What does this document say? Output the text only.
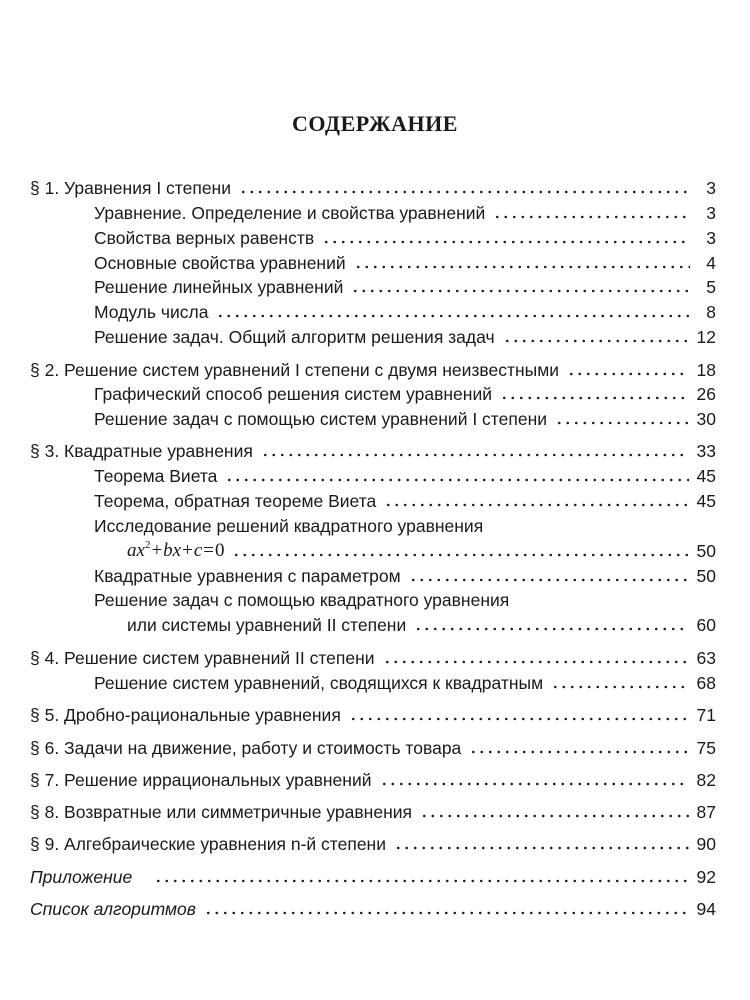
СОДЕРЖАНИЕ
§ 1. Уравнения I степени	3
Уравнение. Определение и свойства уравнений	3
Свойства верных равенств	3
Основные свойства уравнений	4
Решение линейных уравнений	5
Модуль числа	8
Решение задач. Общий алгоритм решения задач	12
§ 2. Решение систем уравнений I степени с двумя неизвестными	18
Графический способ решения систем уравнений	26
Решение задач с помощью систем уравнений I степени	30
§ 3. Квадратные уравнения	33
Теорема Виета	45
Теорема, обратная теореме Виета	45
Исследование решений квадратного уравнения
$ax^2+bx+c=0$	50
Квадратные уравнения с параметром	50
Решение задач с помощью квадратного уравнения
или системы уравнений II степени	60
§ 4. Решение систем уравнений II степени	63
Решение систем уравнений, сводящихся к квадратным	68
§ 5. Дробно-рациональные уравнения	71
§ 6. Задачи на движение, работу и стоимость товара	75
§ 7. Решение иррациональных уравнений	82
§ 8. Возвратные или симметричные уравнения	87
§ 9. Алгебраические уравнения n-й степени	90
Приложение	92
Список алгоритмов	94
